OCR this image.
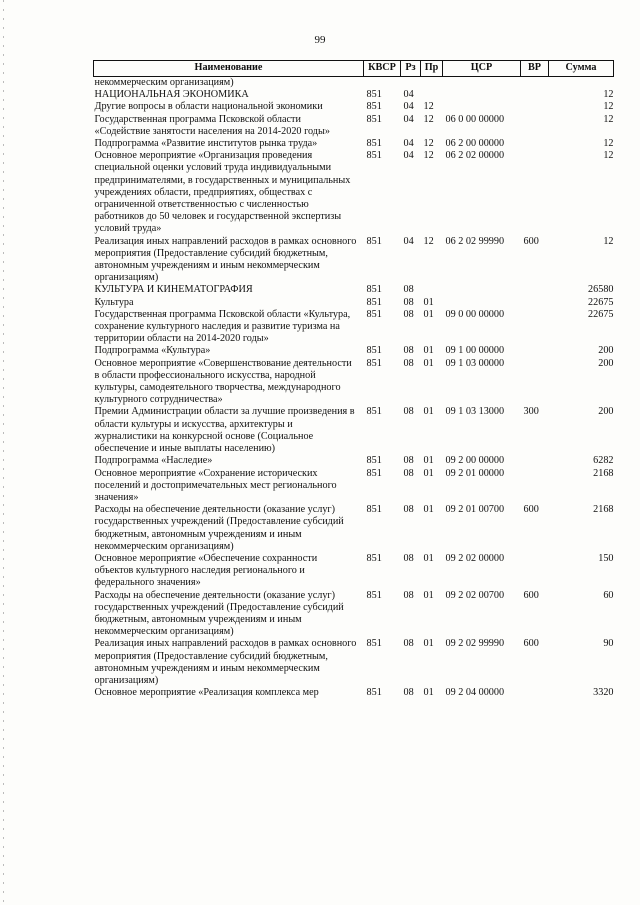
99
Наименование	КВСР	Рз	Пр	ЦСР	ВР	Сумма
некоммерческим организациям)						
НАЦИОНАЛЬНАЯ ЭКОНОМИКА	851	04				12
Другие вопросы в области национальной экономики	851	04	12			12
Государственная программа Псковской области «Содействие занятости населения на 2014-2020 годы»	851	04	12	06 0 00 00000		12
Подпрограмма «Развитие институтов рынка труда»	851	04	12	06 2 00 00000		12
Основное мероприятие «Организация проведения специальной оценки условий труда индивидуальными предпринимателями, в государственных и муниципальных учреждениях области, предприятиях, обществах с ограниченной ответственностью с численностью работников до 50 человек и государственной экспертизы условий труда»	851	04	12	06 2 02 00000		12
Реализация иных направлений расходов в рамках основного мероприятия (Предоставление субсидий бюджетным, автономным учреждениям и иным некоммерческим организациям)	851	04	12	06 2 02 99990	600	12
КУЛЬТУРА И КИНЕМАТОГРАФИЯ	851	08				26580
Культура	851	08	01			22675
Государственная программа Псковской области «Культура, сохранение культурного наследия и развитие туризма на территории области на 2014-2020 годы»	851	08	01	09 0 00 00000		22675
Подпрограмма «Культура»	851	08	01	09 1 00 00000		200
Основное мероприятие «Совершенствование деятельности в области профессионального искусства, народной культуры, самодеятельного творчества, международного культурного сотрудничества»	851	08	01	09 1 03 00000		200
Премии Администрации области за лучшие произведения в области культуры и искусства, архитектуры и журналистики на конкурсной основе (Социальное обеспечение и иные выплаты населению)	851	08	01	09 1 03 13000	300	200
Подпрограмма «Наследие»	851	08	01	09 2 00 00000		6282
Основное мероприятие «Сохранение исторических поселений и достопримечательных мест регионального значения»	851	08	01	09 2 01 00000		2168
Расходы на обеспечение деятельности (оказание услуг) государственных учреждений (Предоставление субсидий бюджетным, автономным учреждениям и иным некоммерческим организациям)	851	08	01	09 2 01 00700	600	2168
Основное мероприятие «Обеспечение сохранности объектов культурного наследия регионального и федерального значения»	851	08	01	09 2 02 00000		150
Расходы на обеспечение деятельности (оказание услуг) государственных учреждений (Предоставление субсидий бюджетным, автономным учреждениям и иным некоммерческим организациям)	851	08	01	09 2 02 00700	600	60
Реализация иных направлений расходов в рамках основного мероприятия (Предоставление субсидий бюджетным, автономным учреждениям и иным некоммерческим организациям)	851	08	01	09 2 02 99990	600	90
Основное мероприятие «Реализация комплекса мер	851	08	01	09 2 04 00000		3320
